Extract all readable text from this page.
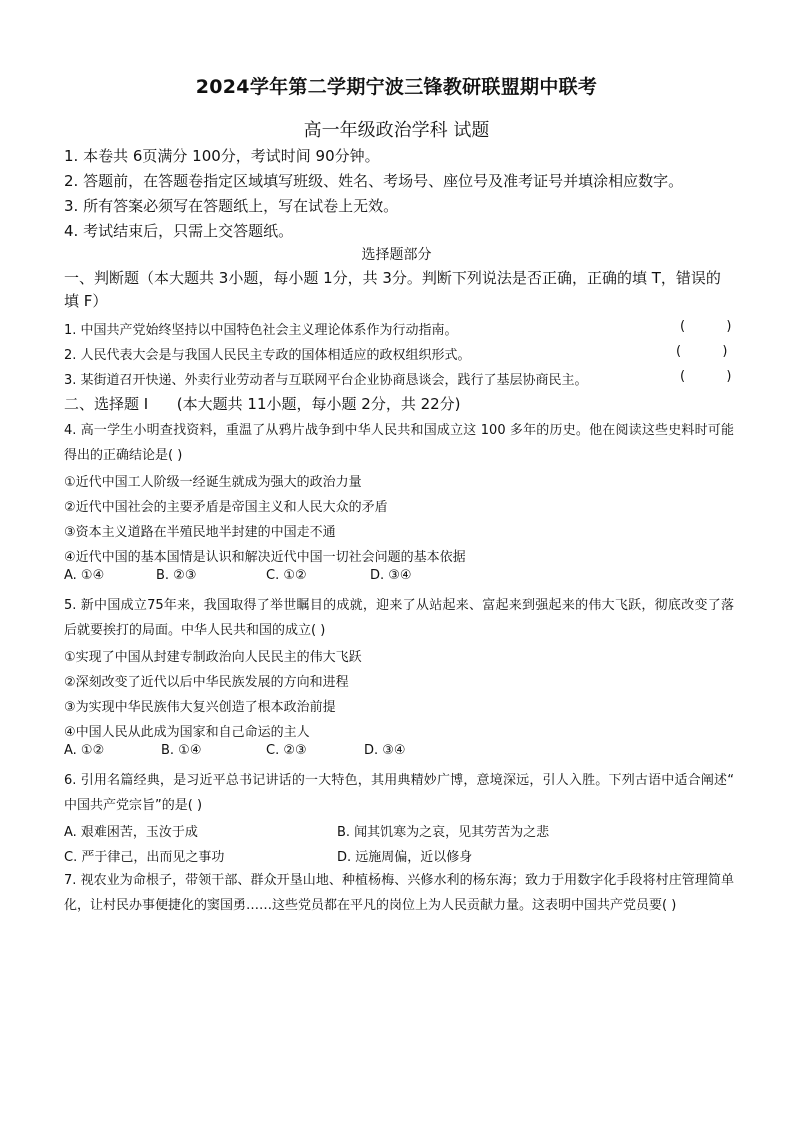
2024学年第二学期宁波三锋教研联盟期中联考
高一年级政治学科 试题
1. 本卷共 6页满分 100分，考试时间 90分钟。
2. 答题前，在答题卷指定区域填写班级、姓名、考场号、座位号及准考证号并填涂相应数字。
3. 所有答案必须写在答题纸上，写在试卷上无效。
4. 考试结束后，只需上交答题纸。
选择题部分
一、判断题（本大题共 3小题，每小题 1分，共 3分。判断下列说法是否正确，正确的填 T，错误的填 F）
1. 中国共产党始终坚持以中国特色社会主义理论体系作为行动指南。	(          )
2. 人民代表大会是与我国人民民主专政的国体相适应的政权组织形式。	(          )
3. 某街道召开快递、外卖行业劳动者与互联网平台企业协商恳谈会，践行了基层协商民主。	(          )
二、选择题 I      (本大题共 11小题，每小题 2分，共 22分)
4. 高一学生小明查找资料，重温了从鸦片战争到中华人民共和国成立这 100 多年的历史。他在阅读这些史料时可能得出的正确结论是( )
①近代中国工人阶级一经诞生就成为强大的政治力量
②近代中国社会的主要矛盾是帝国主义和人民大众的矛盾
③资本主义道路在半殖民地半封建的中国走不通
④近代中国的基本国情是认识和解决近代中国一切社会问题的基本依据
A. ①④	B. ②③	C. ①②	D. ③④
5. 新中国成立75年来，我国取得了举世瞩目的成就，迎来了从站起来、富起来到强起来的伟大飞跃，彻底改变了落后就要挨打的局面。中华人民共和国的成立( )
①实现了中国从封建专制政治向人民民主的伟大飞跃
②深刻改变了近代以后中华民族发展的方向和进程
③为实现中华民族伟大复兴创造了根本政治前提
④中国人民从此成为国家和自己命运的主人
A. ①②	B. ①④	C. ②③	D. ③④
6. 引用名篇经典，是习近平总书记讲话的一大特色，其用典精妙广博，意境深远，引人入胜。下列古语中适合阐述“ 中国共产党宗旨”的是( )
A. 艰难困苦，玉汝于成	B. 闻其饥寒为之哀，见其劳苦为之悲
C. 严于律己，出而见之事功	D. 远施周偏，近以修身
7. 视农业为命根子，带领干部、群众开垦山地、种植杨梅、兴修水利的杨东海；致力于用数字化手段将村庄管理简单化，让村民办事便捷化的窦国勇……这些党员都在平凡的岗位上为人民贡献力量。这表明中国共产党员要( )
